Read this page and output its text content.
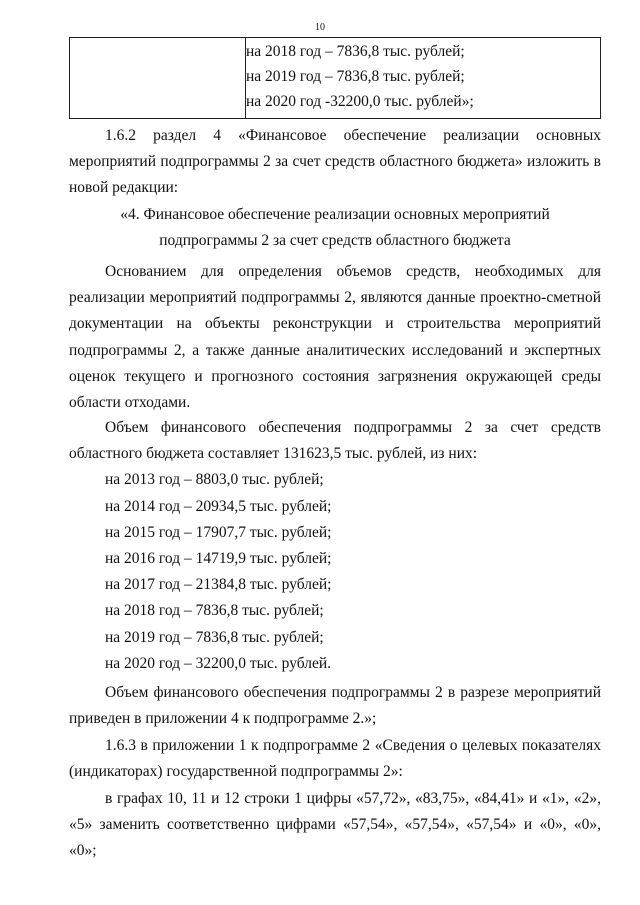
10

на 2018 год – 7836,8 тыс. рублей;
на 2019 год – 7836,8 тыс. рублей;
на 2020 год -32200,0 тыс. рублей»;
1.6.2 раздел 4 «Финансовое обеспечение реализации основных мероприятий подпрограммы 2 за счет средств областного бюджета» изложить в новой редакции:
«4. Финансовое обеспечение реализации основных мероприятий
подпрограммы 2 за счет средств областного бюджета
Основанием для определения объемов средств, необходимых для реализации мероприятий подпрограммы 2, являются данные проектно-сметной документации на объекты реконструкции и строительства мероприятий подпрограммы 2, а также данные аналитических исследований и экспертных оценок текущего и прогнозного состояния загрязнения окружающей среды области отходами.
Объем финансового обеспечения подпрограммы 2 за счет средств областного бюджета составляет 131623,5 тыс. рублей, из них:
на 2013 год – 8803,0 тыс. рублей;
на 2014 год – 20934,5 тыс. рублей;
на 2015 год – 17907,7 тыс. рублей;
на 2016 год – 14719,9 тыс. рублей;
на 2017 год – 21384,8 тыс. рублей;
на 2018 год – 7836,8 тыс. рублей;
на 2019 год – 7836,8 тыс. рублей;
на 2020 год – 32200,0 тыс. рублей.
Объем финансового обеспечения подпрограммы 2 в разрезе мероприятий приведен в приложении 4 к подпрограмме 2.»;
1.6.3 в приложении 1 к подпрограмме 2 «Сведения о целевых показателях (индикаторах) государственной подпрограммы 2»:
в графах 10, 11 и 12 строки 1 цифры «57,72», «83,75», «84,41» и «1», «2», «5» заменить соответственно цифрами «57,54», «57,54», «57,54» и «0», «0», «0»;
